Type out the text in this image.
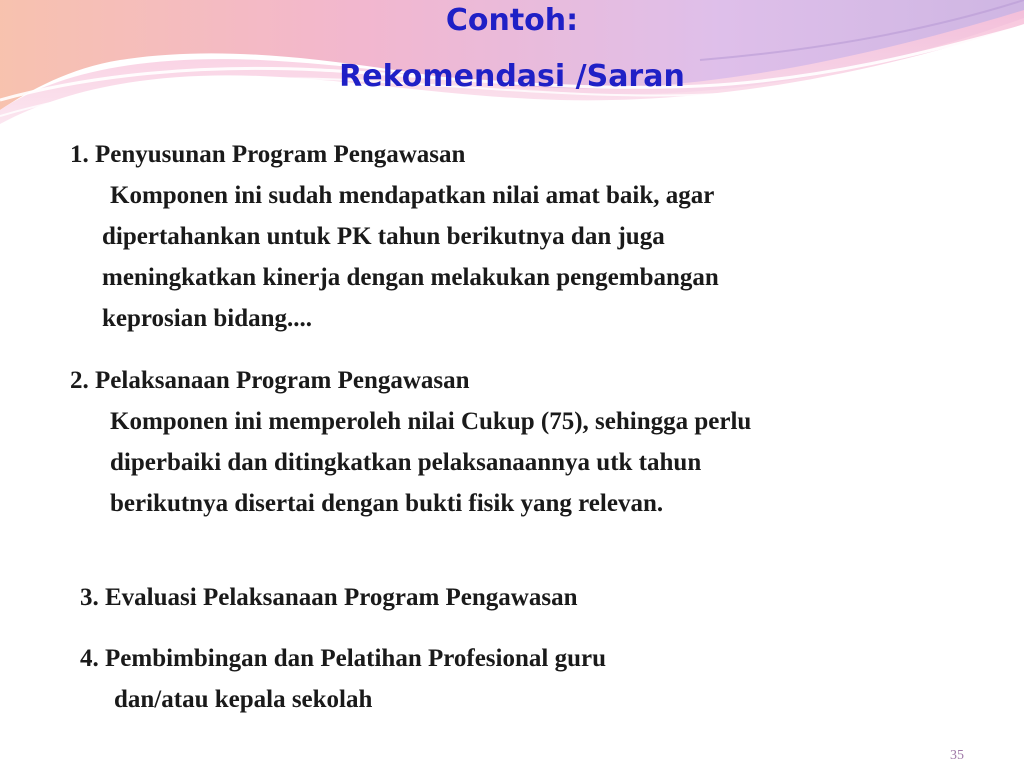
Contoh:
Rekomendasi /Saran
1. Penyusunan Program Pengawasan
Komponen ini sudah mendapatkan nilai amat baik, agar
dipertahankan untuk PK tahun berikutnya dan juga
meningkatkan kinerja dengan melakukan pengembangan
keprosian bidang....
2. Pelaksanaan Program Pengawasan
Komponen ini memperoleh nilai Cukup (75), sehingga perlu
diperbaiki dan ditingkatkan pelaksanaannya utk tahun
berikutnya disertai dengan bukti fisik yang relevan.
3. Evaluasi Pelaksanaan Program Pengawasan
4. Pembimbingan dan Pelatihan Profesional guru
dan/atau kepala sekolah
35
